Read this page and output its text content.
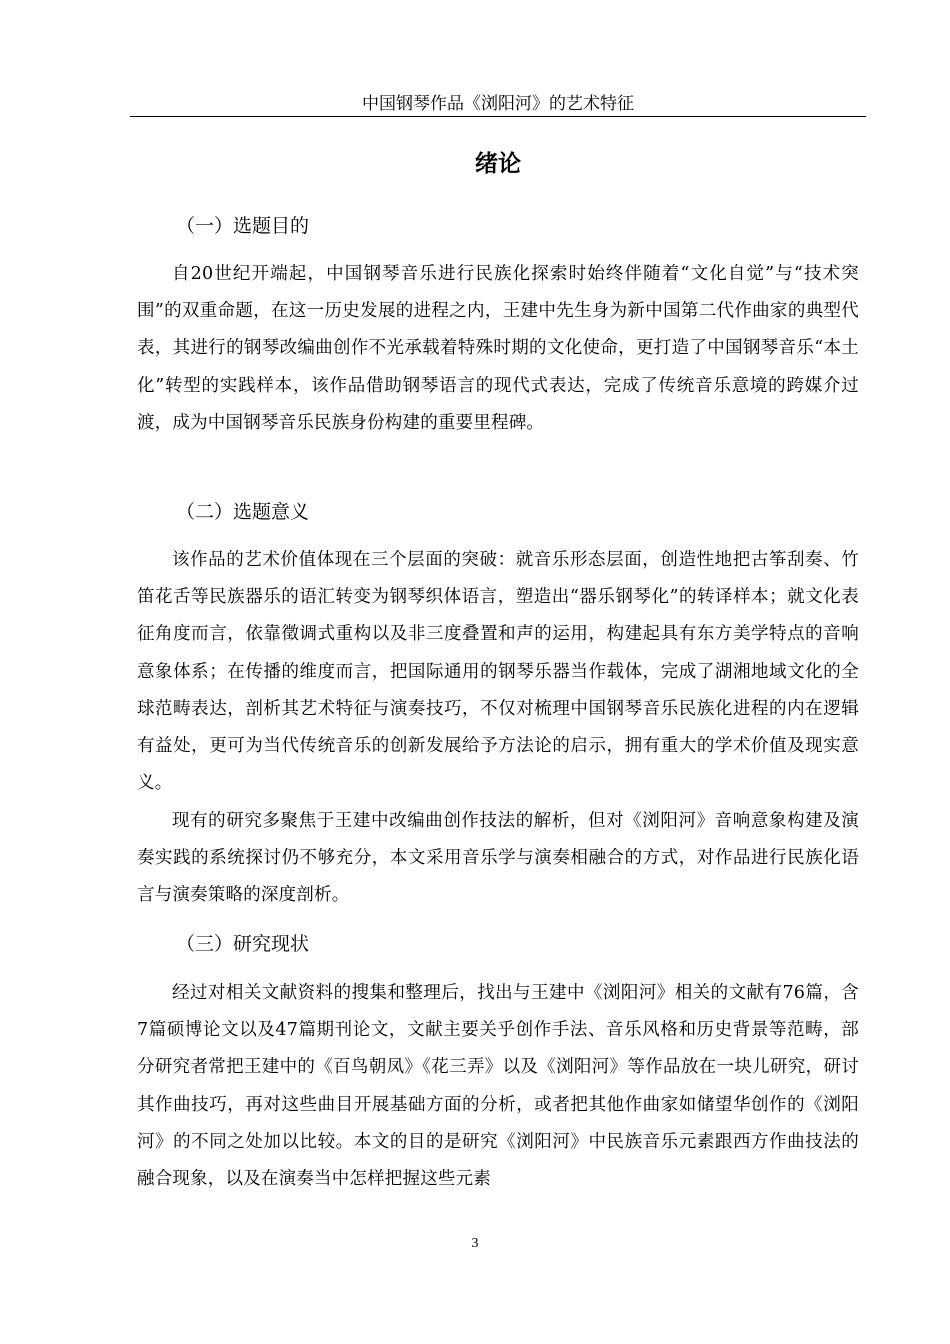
中国钢琴作品《浏阳河》的艺术特征
绪论
（一）选题目的

自20世纪开端起，中国钢琴音乐进行民族化探索时始终伴随着“文化自觉”与“技术突围”的双重命题，在这一历史发展的进程之内，王建中先生身为新中国第二代作曲家的典型代表，其进行的钢琴改编曲创作不光承载着特殊时期的文化使命，更打造了中国钢琴音乐“本土化”转型的实践样本，该作品借助钢琴语言的现代式表达，完成了传统音乐意境的跨媒介过渡，成为中国钢琴音乐民族身份构建的重要里程碑。

（二）选题意义

该作品的艺术价值体现在三个层面的突破：就音乐形态层面，创造性地把古筝刮奏、竹笛花舌等民族器乐的语汇转变为钢琴织体语言，塑造出“器乐钢琴化”的转译样本；就文化表征角度而言，依靠徵调式重构以及非三度叠置和声的运用，构建起具有东方美学特点的音响意象体系；在传播的维度而言，把国际通用的钢琴乐器当作载体，完成了湖湘地域文化的全球范畴表达，剖析其艺术特征与演奏技巧，不仅对梳理中国钢琴音乐民族化进程的内在逻辑有益处，更可为当代传统音乐的创新发展给予方法论的启示，拥有重大的学术价值及现实意义。

现有的研究多聚焦于王建中改编曲创作技法的解析，但对《浏阳河》音响意象构建及演奏实践的系统探讨仍不够充分，本文采用音乐学与演奏相融合的方式，对作品进行民族化语言与演奏策略的深度剖析。

（三）研究现状

经过对相关文献资料的搜集和整理后，找出与王建中《浏阳河》相关的文献有76篇，含7篇硕博论文以及47篇期刊论文，文献主要关乎创作手法、音乐风格和历史背景等范畴，部分研究者常把王建中的《百鸟朝凤》《花三弄》以及《浏阳河》等作品放在一块儿研究，研讨其作曲技巧，再对这些曲目开展基础方面的分析，或者把其他作曲家如储望华创作的《浏阳河》的不同之处加以比较。本文的目的是研究《浏阳河》中民族音乐元素跟西方作曲技法的融合现象，以及在演奏当中怎样把握这些元素

3
